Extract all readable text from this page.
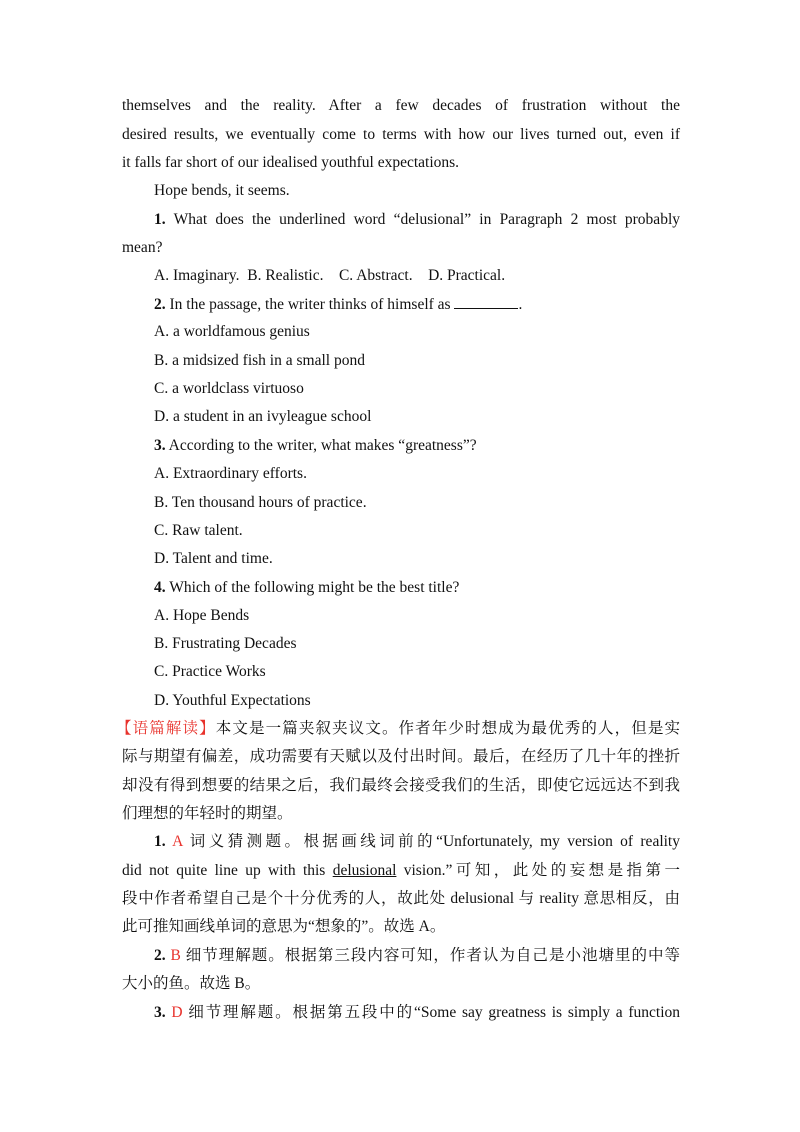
themselves and the reality. After a few decades of frustration without the
desired results, we eventually come to terms with how our lives turned out, even if
it falls far short of our idealised youthful expectations.
Hope bends, it seems.
1. What does the underlined word “delusional” in Paragraph 2 most probably
mean?
A. Imaginary.  B. Realistic.    C. Abstract.    D. Practical.
2. In the passage, the writer thinks of himself as	.
A. a worldfamous genius
B. a midsized fish in a small pond
C. a worldclass virtuoso
D. a student in an ivyleague school
3. According to the writer, what makes “greatness”?
A. Extraordinary efforts.
B. Ten thousand hours of practice.
C. Raw talent.
D. Talent and time.
4. Which of the following might be the best title?
A. Hope Bends
B. Frustrating Decades
C. Practice Works
D. Youthful Expectations
【语篇解读】本文是一篇夹叙夹议文。作者年少时想成为最优秀的人，但是实
际与期望有偏差，成功需要有天赋以及付出时间。最后，在经历了几十年的挫折
却没有得到想要的结果之后，我们最终会接受我们的生活，即使它远远达不到我
们理想的年轻时的期望。
1. A 词义猜测题。根据画线词前的“Unfortunately, my version of reality
did not quite line up with this delusional vision.”可知，此处的妄想是指第一
段中作者希望自己是个十分优秀的人，故此处 delusional 与 reality 意思相反，由
此可推知画线单词的意思为“想象的”。故选 A。
2. B 细节理解题。根据第三段内容可知，作者认为自己是小池塘里的中等
大小的鱼。故选 B。
3. D 细节理解题。根据第五段中的“Some say greatness is simply a function
